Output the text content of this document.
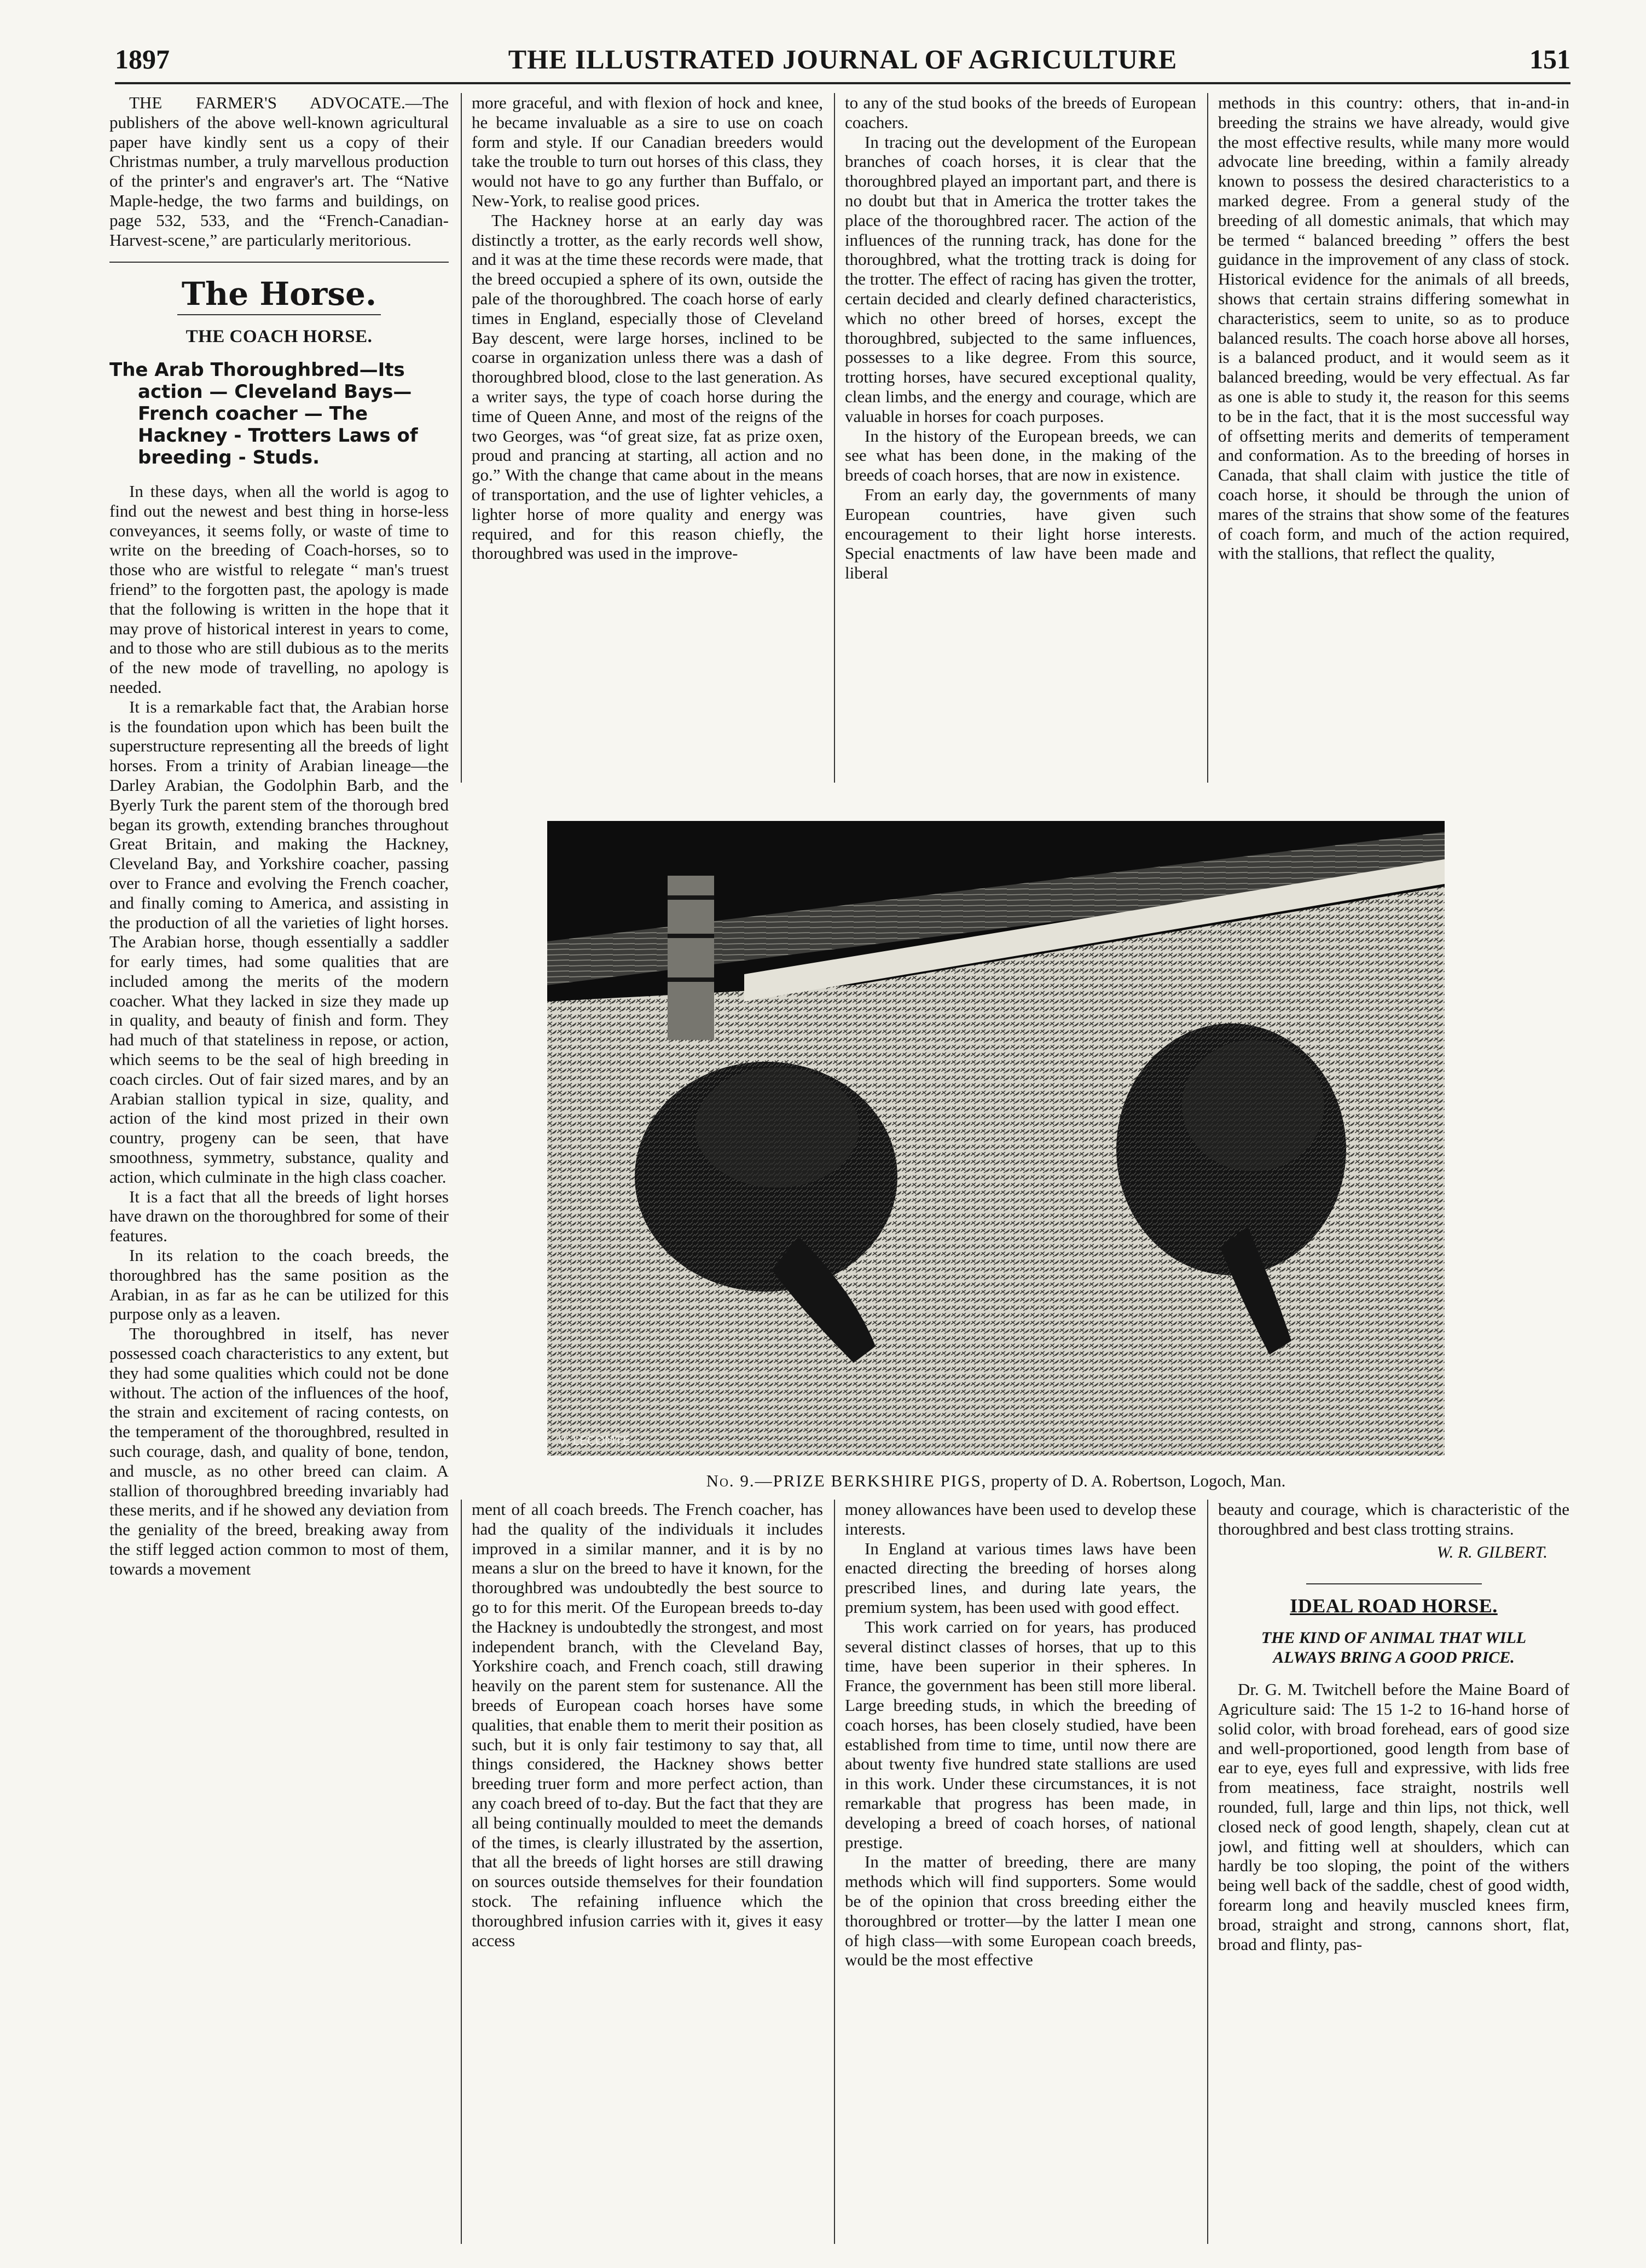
1897	THE ILLUSTRATED JOURNAL OF AGRICULTURE	151

THE FARMER'S ADVOCATE.—The publishers of the above well-known agricultural paper have kindly sent us a copy of their Christmas number, a truly marvellous production of the printer's and engraver's art. The “Native Maple-hedge, the two farms and buildings, on page 532, 533, and the “French-Canadian-Harvest-scene,” are particularly meritorious.

The Horse.
THE COACH HORSE.
The Arab Thoroughbred—Its action — Cleveland Bays—French coacher — The Hackney - Trotters Laws of breeding - Studs.

In these days, when all the world is agog to find out the newest and best thing in horse-less conveyances, it seems folly, or waste of time to write on the breeding of Coach-horses, so to those who are wistful to relegate “ man's truest friend” to the forgotten past, the apology is made that the following is written in the hope that it may prove of historical interest in years to come, and to those who are still dubious as to the merits of the new mode of travelling, no apology is needed.

It is a remarkable fact that, the Arabian horse is the foundation upon which has been built the superstructure representing all the breeds of light horses. From a trinity of Arabian lineage—the Darley Arabian, the Godolphin Barb, and the Byerly Turk the parent stem of the thorough bred began its growth, extending branches throughout Great Britain, and making the Hackney, Cleveland Bay, and Yorkshire coacher, passing over to France and evolving the French coacher, and finally coming to America, and assisting in the production of all the varieties of light horses. The Arabian horse, though essentially a saddler for early times, had some qualities that are included among the merits of the modern coacher. What they lacked in size they made up in quality, and beauty of finish and form. They had much of that stateliness in repose, or action, which seems to be the seal of high breeding in coach circles. Out of fair sized mares, and by an Arabian stallion typical in size, quality, and action of the kind most prized in their own country, progeny can be seen, that have smoothness, symmetry, substance, quality and action, which culminate in the high class coacher.

It is a fact that all the breeds of light horses have drawn on the thoroughbred for some of their features.

In its relation to the coach breeds, the thoroughbred has the same position as the Arabian, in as far as he can be utilized for this purpose only as a leaven.

The thoroughbred in itself, has never possessed coach characteristics to any extent, but they had some qualities which could not be done without. The action of the influences of the hoof, the strain and excitement of racing contests, on the temperament of the thoroughbred, resulted in such courage, dash, and quality of bone, tendon, and muscle, as no other breed can claim. A stallion of thoroughbred breeding invariably had these merits, and if he showed any deviation from the geniality of the breed, breaking away from the stiff legged action common to most of them, towards a movement

more graceful, and with flexion of hock and knee, he became invaluable as a sire to use on coach form and style. If our Canadian breeders would take the trouble to turn out horses of this class, they would not have to go any further than Buffalo, or New-York, to realise good prices.

The Hackney horse at an early day was distinctly a trotter, as the early records well show, and it was at the time these records were made, that the breed occupied a sphere of its own, outside the pale of the thoroughbred. The coach horse of early times in England, especially those of Cleveland Bay descent, were large horses, inclined to be coarse in organization unless there was a dash of thoroughbred blood, close to the last generation. As a writer says, the type of coach horse during the time of Queen Anne, and most of the reigns of the two Georges, was “of great size, fat as prize oxen, proud and prancing at starting, all action and no go.” With the change that came about in the means of transportation, and the use of lighter vehicles, a lighter horse of more quality and energy was required, and for this reason chiefly, the thoroughbred was used in the improve-

to any of the stud books of the breeds of European coachers.

In tracing out the development of the European branches of coach horses, it is clear that the thoroughbred played an important part, and there is no doubt but that in America the trotter takes the place of the thoroughbred racer. The action of the influences of the running track, has done for the thoroughbred, what the trotting track is doing for the trotter. The effect of racing has given the trotter, certain decided and clearly defined characteristics, which no other breed of horses, except the thoroughbred, subjected to the same influences, possesses to a like degree. From this source, trotting horses, have secured exceptional quality, clean limbs, and the energy and courage, which are valuable in horses for coach purposes.

In the history of the European breeds, we can see what has been done, in the making of the breeds of coach horses, that are now in existence.

From an early day, the governments of many European countries, have given such encouragement to their light horse interests. Special enactments of law have been made and liberal

methods in this country: others, that in-and-in breeding the strains we have already, would give the most effective results, while many more would advocate line breeding, within a family already known to possess the desired characteristics to a marked degree. From a general study of the breeding of all domestic animals, that which may be termed “ balanced breeding ” offers the best guidance in the improvement of any class of stock. Historical evidence for the animals of all breeds, shows that certain strains differing somewhat in characteristics, seem to unite, so as to produce balanced results. The coach horse above all horses, is a balanced product, and it would seem as it balanced breeding, would be very effectual. As far as one is able to study it, the reason for this seems to be in the fact, that it is the most successful way of offsetting merits and demerits of temperament and conformation. As to the breeding of horses in Canada, that shall claim with justice the title of coach horse, it should be through the union of mares of the strains that show some of the features of coach form, and much of the action required, with the stallions, that reflect the quality,

V. LECOMTE
No. 9.—PRIZE BERKSHIRE PIGS, property of D. A. Robertson, Logoch, Man.

ment of all coach breeds. The French coacher, has had the quality of the individuals it includes improved in a similar manner, and it is by no means a slur on the breed to have it known, for the thoroughbred was undoubtedly the best source to go to for this merit. Of the European breeds to-day the Hackney is undoubtedly the strongest, and most independent branch, with the Cleveland Bay, Yorkshire coach, and French coach, still drawing heavily on the parent stem for sustenance. All the breeds of European coach horses have some qualities, that enable them to merit their position as such, but it is only fair testimony to say that, all things considered, the Hackney shows better breeding truer form and more perfect action, than any coach breed of to-day. But the fact that they are all being continually moulded to meet the demands of the times, is clearly illustrated by the assertion, that all the breeds of light horses are still drawing on sources outside themselves for their foundation stock. The refaining influence which the thoroughbred infusion carries with it, gives it easy access

money allowances have been used to develop these interests.

In England at various times laws have been enacted directing the breeding of horses along prescribed lines, and during late years, the premium system, has been used with good effect.

This work carried on for years, has produced several distinct classes of horses, that up to this time, have been superior in their spheres. In France, the government has been still more liberal. Large breeding studs, in which the breeding of coach horses, has been closely studied, have been established from time to time, until now there are about twenty five hundred state stallions are used in this work. Under these circumstances, it is not remarkable that progress has been made, in developing a breed of coach horses, of national prestige.

In the matter of breeding, there are many methods which will find supporters. Some would be of the opinion that cross breeding either the thoroughbred or trotter—by the latter I mean one of high class—with some European coach breeds, would be the most effective

beauty and courage, which is characteristic of the thoroughbred and best class trotting strains.

W. R. GILBERT.
IDEAL ROAD HORSE.
THE KIND OF ANIMAL THAT WILL ALWAYS BRING A GOOD PRICE.

Dr. G. M. Twitchell before the Maine Board of Agriculture said: The 15 1-2 to 16-hand horse of solid color, with broad forehead, ears of good size and well-proportioned, good length from base of ear to eye, eyes full and expressive, with lids free from meatiness, face straight, nostrils well rounded, full, large and thin lips, not thick, well closed neck of good length, shapely, clean cut at jowl, and fitting well at shoulders, which can hardly be too sloping, the point of the withers being well back of the saddle, chest of good width, forearm long and heavily muscled knees firm, broad, straight and strong, cannons short, flat, broad and flinty, pas-
